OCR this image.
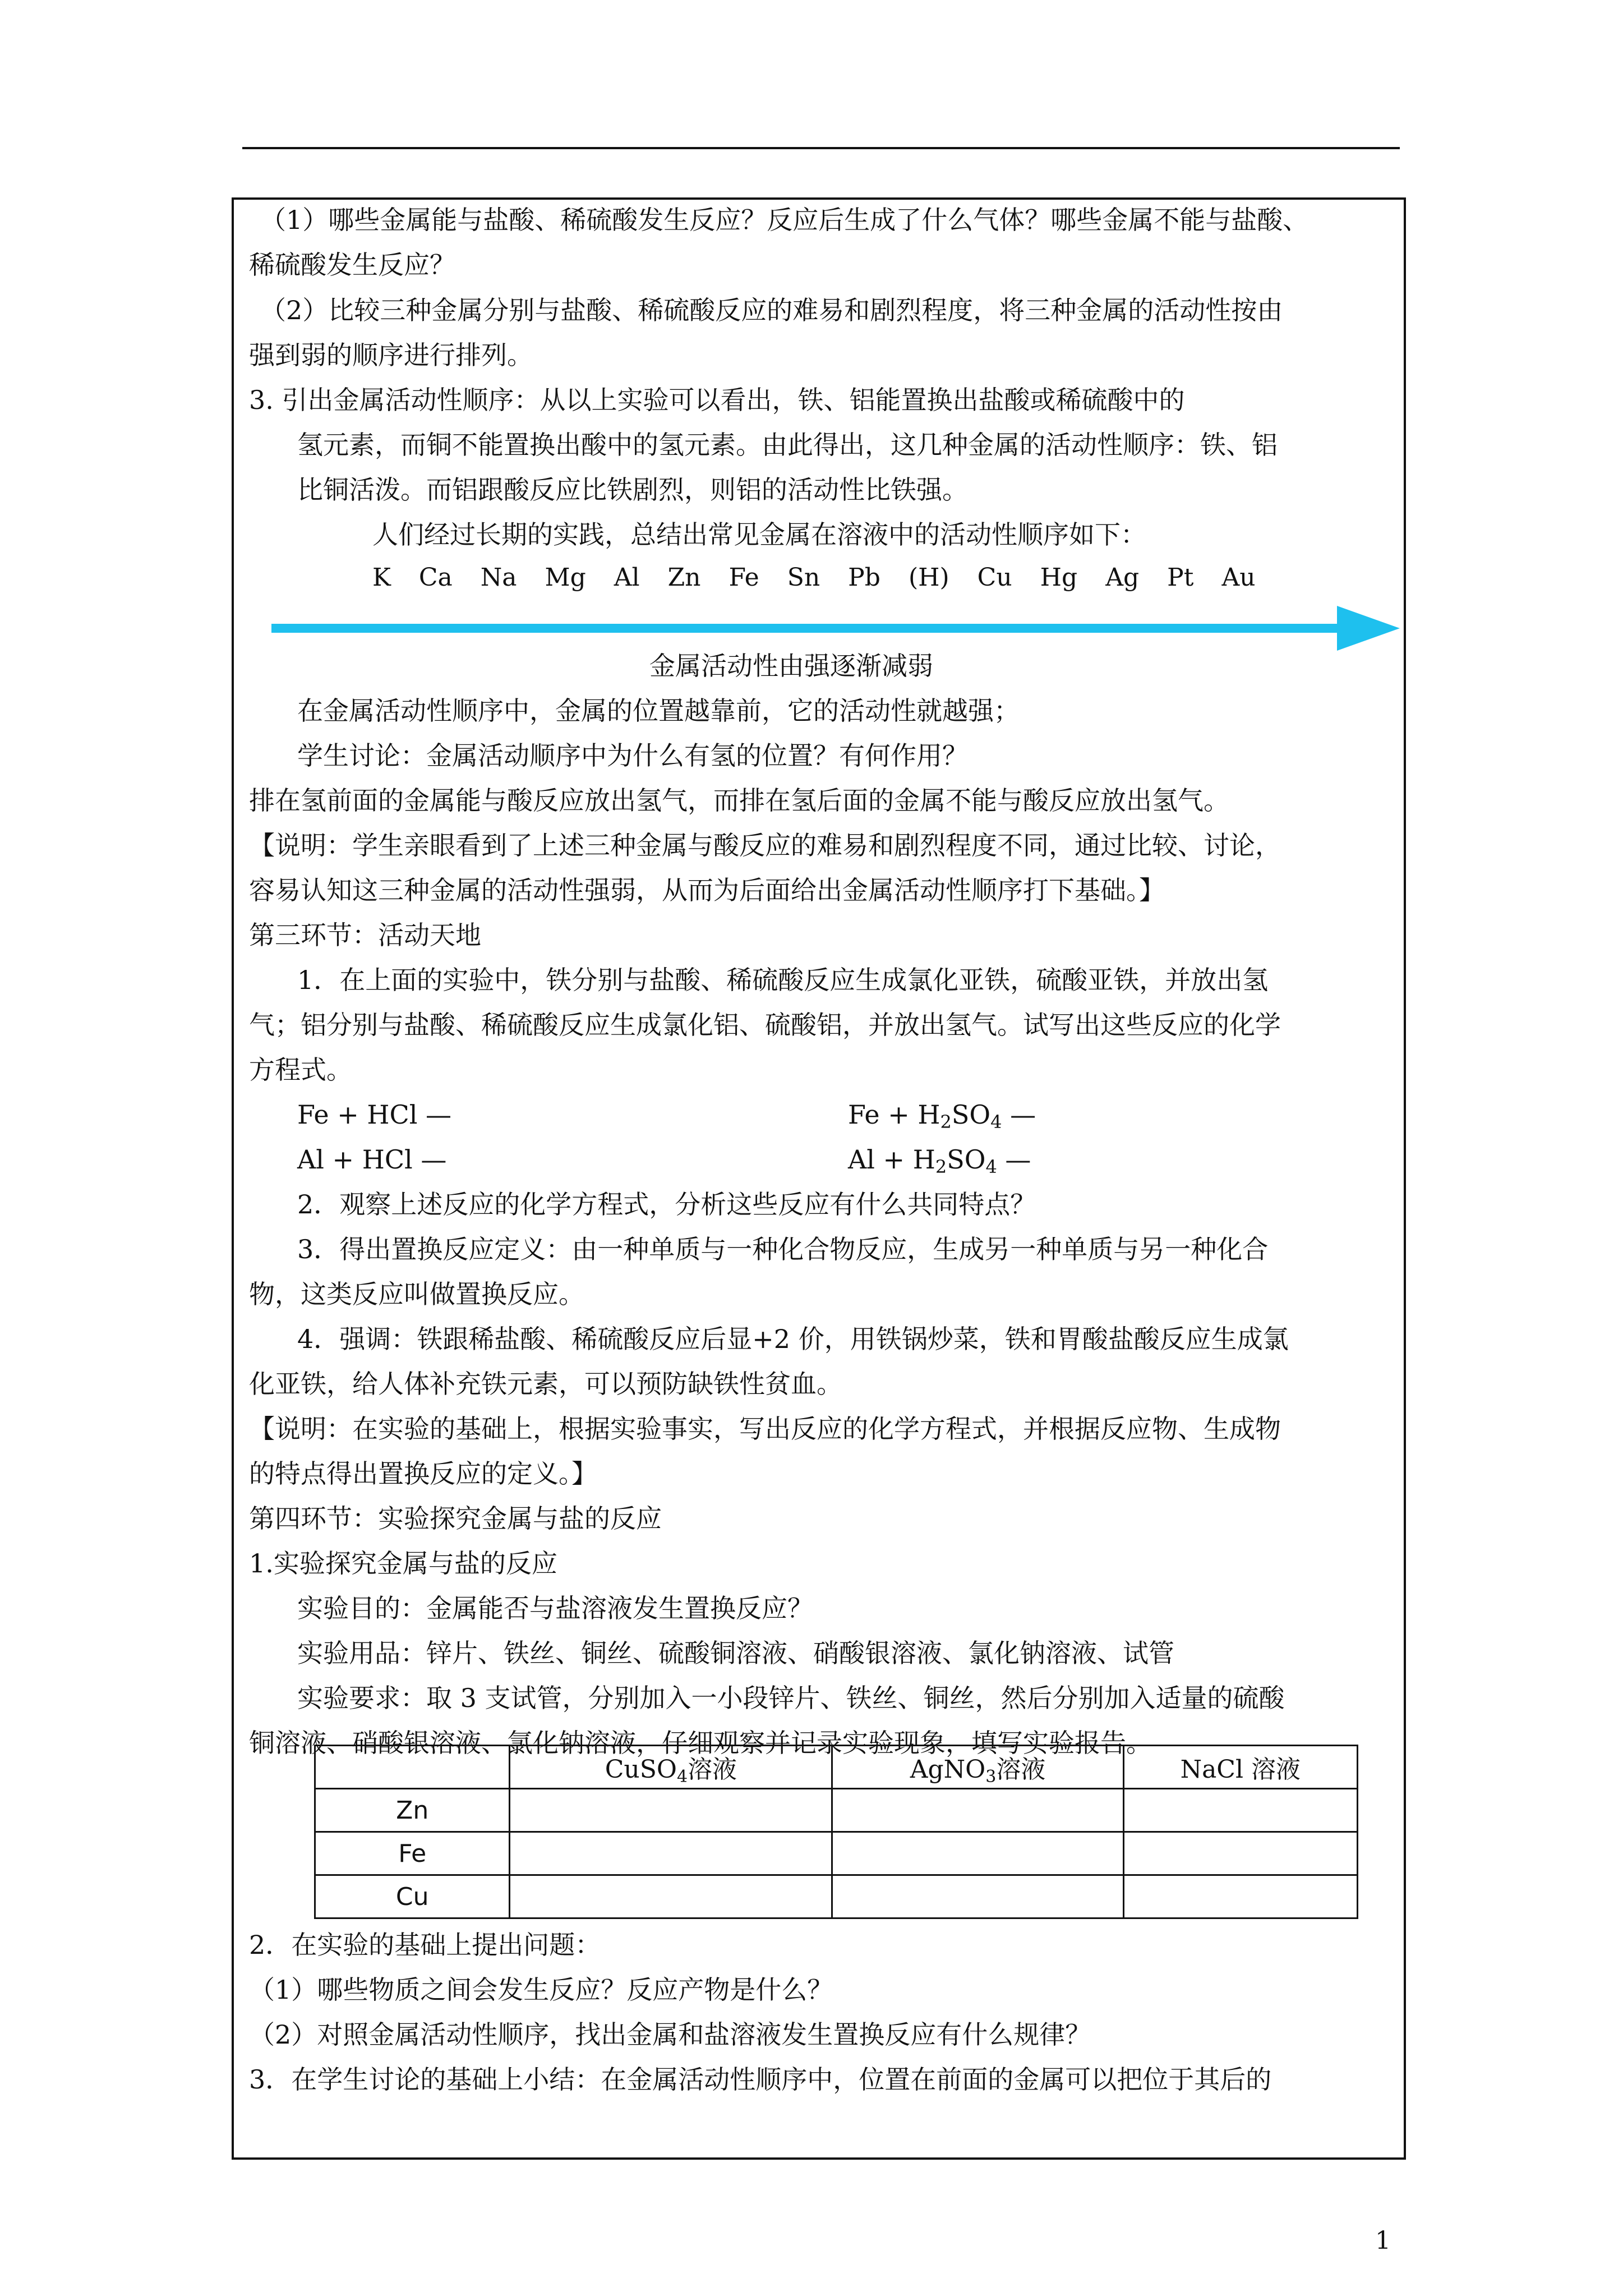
（1）哪些金属能与盐酸、稀硫酸发生反应？反应后生成了什么气体？哪些金属不能与盐酸、
稀硫酸发生反应？
（2）比较三种金属分别与盐酸、稀硫酸反应的难易和剧烈程度，将三种金属的活动性按由
强到弱的顺序进行排列。
3. 引出金属活动性顺序：从以上实验可以看出，铁、铝能置换出盐酸或稀硫酸中的
氢元素，而铜不能置换出酸中的氢元素。由此得出，这几种金属的活动性顺序：铁、铝
比铜活泼。而铝跟酸反应比铁剧烈，则铝的活动性比铁强。
人们经过长期的实践，总结出常见金属在溶液中的活动性顺序如下：
K Ca Na Mg Al Zn Fe Sn Pb (H) Cu Hg Ag Pt Au
金属活动性由强逐渐减弱
在金属活动性顺序中，金属的位置越靠前，它的活动性就越强；
学生讨论：金属活动顺序中为什么有氢的位置？有何作用？
排在氢前面的金属能与酸反应放出氢气，而排在氢后面的金属不能与酸反应放出氢气。
【说明：学生亲眼看到了上述三种金属与酸反应的难易和剧烈程度不同，通过比较、讨论，
容易认知这三种金属的活动性强弱，从而为后面给出金属活动性顺序打下基础。】
第三环节：活动天地
1．在上面的实验中，铁分别与盐酸、稀硫酸反应生成氯化亚铁，硫酸亚铁，并放出氢
气；铝分别与盐酸、稀硫酸反应生成氯化铝、硫酸铝，并放出氢气。试写出这些反应的化学
方程式。
Fe + HCl —	$Fe + H_2SO_4$ —
Al + HCl —	$Al + H_2SO_4$ —
2．观察上述反应的化学方程式，分析这些反应有什么共同特点？
3．得出置换反应定义：由一种单质与一种化合物反应，生成另一种单质与另一种化合
物，这类反应叫做置换反应。
4．强调：铁跟稀盐酸、稀硫酸反应后显+2 价，用铁锅炒菜，铁和胃酸盐酸反应生成氯
化亚铁，给人体补充铁元素，可以预防缺铁性贫血。
【说明：在实验的基础上，根据实验事实，写出反应的化学方程式，并根据反应物、生成物
的特点得出置换反应的定义。】
第四环节：实验探究金属与盐的反应
1.实验探究金属与盐的反应
实验目的：金属能否与盐溶液发生置换反应？
实验用品：锌片、铁丝、铜丝、硫酸铜溶液、硝酸银溶液、氯化钠溶液、试管
实验要求：取 3 支试管，分别加入一小段锌片、铁丝、铜丝，然后分别加入适量的硫酸
铜溶液、硝酸银溶液、氯化钠溶液，仔细观察并记录实验现象，填写实验报告。
	CuSO$_4$溶液	AgNO$_3$溶液	NaCl 溶液
Zn			
Fe			
Cu			
2．在实验的基础上提出问题：
（1）哪些物质之间会发生反应？反应产物是什么？
（2）对照金属活动性顺序，找出金属和盐溶液发生置换反应有什么规律？
3．在学生讨论的基础上小结：在金属活动性顺序中，位置在前面的金属可以把位于其后的
1
